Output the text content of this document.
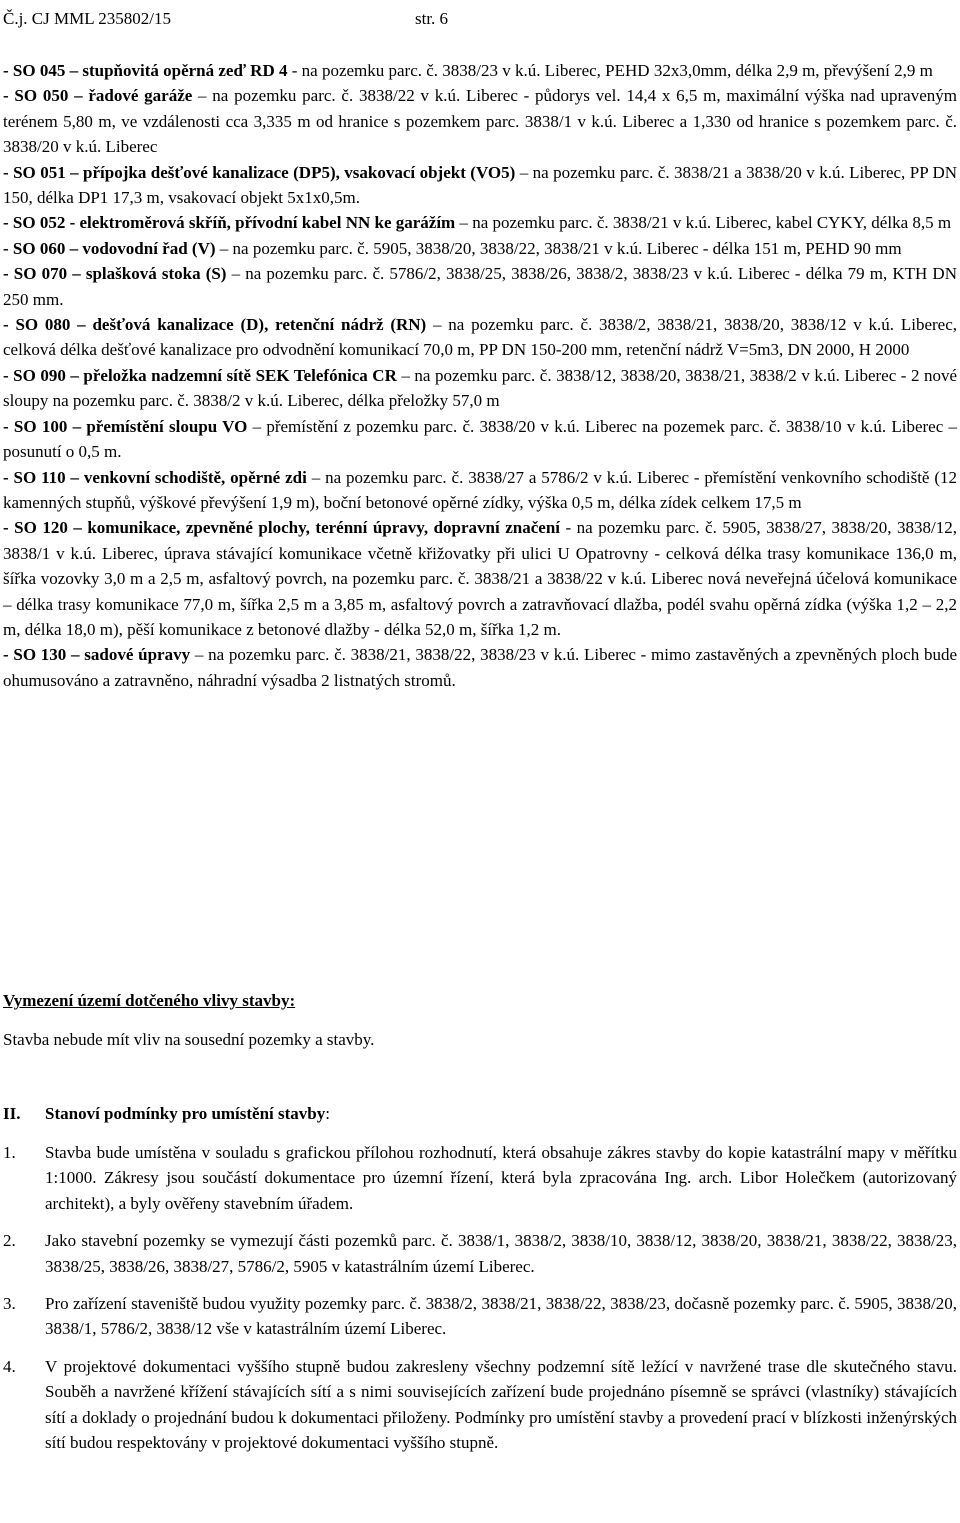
Č.j. CJ MML 235802/15	str. 6

- SO 045 – stupňovitá opěrná zeď RD 4 - na pozemku parc. č. 3838/23 v k.ú. Liberec, PEHD 32x3,0mm, délka 2,9 m, převýšení 2,9 m

- SO 050 – řadové garáže – na pozemku parc. č. 3838/22 v k.ú. Liberec - půdorys vel. 14,4 x 6,5 m, maximální výška nad upraveným terénem 5,80 m, ve vzdálenosti cca 3,335 m od hranice s pozemkem parc. 3838/1 v k.ú. Liberec a 1,330 od hranice s pozemkem parc. č. 3838/20 v k.ú. Liberec

- SO 051 – přípojka dešťové kanalizace (DP5), vsakovací objekt (VO5) – na pozemku parc. č. 3838/21 a 3838/20 v k.ú. Liberec, PP DN 150, délka DP1 17,3 m, vsakovací objekt 5x1x0,5m.

- SO 052 - elektroměrová skříň, přívodní kabel NN ke garážím – na pozemku parc. č. 3838/21 v k.ú. Liberec, kabel CYKY, délka 8,5 m

- SO 060 – vodovodní řad (V) – na pozemku parc. č. 5905, 3838/20, 3838/22, 3838/21 v k.ú. Liberec - délka 151 m, PEHD 90 mm

- SO 070 – splašková stoka (S) – na pozemku parc. č. 5786/2, 3838/25, 3838/26, 3838/2, 3838/23 v k.ú. Liberec - délka 79 m, KTH DN 250 mm.

- SO 080 – dešťová kanalizace (D), retenční nádrž (RN) – na pozemku parc. č. 3838/2, 3838/21, 3838/20, 3838/12 v k.ú. Liberec, celková délka dešťové kanalizace pro odvodnění komunikací 70,0 m, PP DN 150-200 mm, retenční nádrž V=5m3, DN 2000, H 2000

- SO 090 – přeložka nadzemní sítě SEK Telefónica CR – na pozemku parc. č. 3838/12, 3838/20, 3838/21, 3838/2 v k.ú. Liberec - 2 nové sloupy na pozemku parc. č. 3838/2 v k.ú. Liberec, délka přeložky 57,0 m

- SO 100 – přemístění sloupu VO – přemístění z pozemku parc. č. 3838/20 v k.ú. Liberec na pozemek parc. č. 3838/10 v k.ú. Liberec – posunutí o 0,5 m.

- SO 110 – venkovní schodiště, opěrné zdi – na pozemku parc. č. 3838/27 a 5786/2 v k.ú. Liberec - přemístění venkovního schodiště (12 kamenných stupňů, výškové převýšení 1,9 m), boční betonové opěrné zídky, výška 0,5 m, délka zídek celkem 17,5 m

- SO 120 – komunikace, zpevněné plochy, terénní úpravy, dopravní značení - na pozemku parc. č. 5905, 3838/27, 3838/20, 3838/12, 3838/1 v k.ú. Liberec, úprava stávající komunikace včetně křižovatky při ulici U Opatrovny - celková délka trasy komunikace 136,0 m, šířka vozovky 3,0 m a 2,5 m, asfaltový povrch, na pozemku parc. č. 3838/21 a 3838/22 v k.ú. Liberec nová neveřejná účelová komunikace – délka trasy komunikace 77,0 m, šířka 2,5 m a 3,85 m, asfaltový povrch a zatravňovací dlažba, podél svahu opěrná zídka (výška 1,2 – 2,2 m, délka 18,0 m), pěší komunikace z betonové dlažby - délka 52,0 m, šířka 1,2 m.

- SO 130 – sadové úpravy – na pozemku parc. č. 3838/21, 3838/22, 3838/23 v k.ú. Liberec - mimo zastavěných a zpevněných ploch bude ohumusováno a zatravněno, náhradní výsadba 2 listnatých stromů.

Vymezení území dotčeného vlivy stavby:
Stavba nebude mít vliv na sousední pozemky a stavby.
II. Stanoví podmínky pro umístění stavby:
1. Stavba bude umístěna v souladu s grafickou přílohou rozhodnutí, která obsahuje zákres stavby do kopie katastrální mapy v měřítku 1:1000. Zákresy jsou součástí dokumentace pro územní řízení, která byla zpracována Ing. arch. Libor Holečkem (autorizovaný architekt), a byly ověřeny stavebním úřadem.
2. Jako stavební pozemky se vymezují části pozemků parc. č. 3838/1, 3838/2, 3838/10, 3838/12, 3838/20, 3838/21, 3838/22, 3838/23, 3838/25, 3838/26, 3838/27, 5786/2, 5905 v katastrálním území Liberec.
3. Pro zařízení staveniště budou využity pozemky parc. č. 3838/2, 3838/21, 3838/22, 3838/23, dočasně pozemky parc. č. 5905, 3838/20, 3838/1, 5786/2, 3838/12 vše v katastrálním území Liberec.
4. V projektové dokumentaci vyššího stupně budou zakresleny všechny podzemní sítě ležící v navržené trase dle skutečného stavu. Souběh a navržené křížení stávajících sítí a s nimi souvisejících zařízení bude projednáno písemně se správci (vlastníky) stávajících sítí a doklady o projednání budou k dokumentaci přiloženy. Podmínky pro umístění stavby a provedení prací v blízkosti inženýrských sítí budou respektovány v projektové dokumentaci vyššího stupně.
